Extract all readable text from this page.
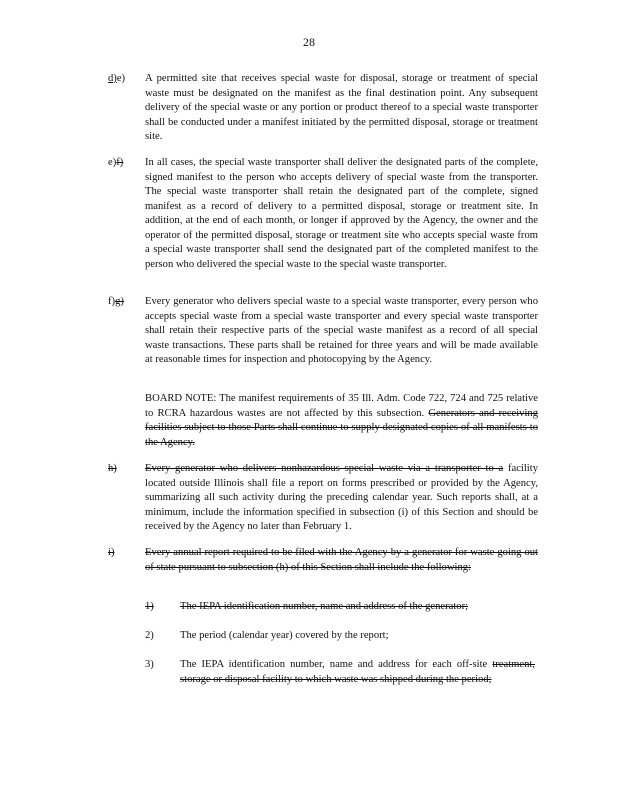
28
d)e) A permitted site that receives special waste for disposal, storage or treatment of special waste must be designated on the manifest as the final destination point. Any subsequent delivery of the special waste or any portion or product thereof to a special waste transporter shall be conducted under a manifest initiated by the permitted disposal, storage or treatment site.
e)f) In all cases, the special waste transporter shall deliver the designated parts of the complete, signed manifest to the person who accepts delivery of special waste from the transporter. The special waste transporter shall retain the designated part of the complete, signed manifest as a record of delivery to a permitted disposal, storage or treatment site. In addition, at the end of each month, or longer if approved by the Agency, the owner and the operator of the permitted disposal, storage or treatment site who accepts special waste from a special waste transporter shall send the designated part of the completed manifest to the person who delivered the special waste to the special waste transporter.
f)g) Every generator who delivers special waste to a special waste transporter, every person who accepts special waste from a special waste transporter and every special waste transporter shall retain their respective parts of the special waste manifest as a record of all special waste transactions. These parts shall be retained for three years and will be made available at reasonable times for inspection and photocopying by the Agency.
BOARD NOTE: The manifest requirements of 35 Ill. Adm. Code 722, 724 and 725 relative to RCRA hazardous wastes are not affected by this subsection. Generators and receiving facilities subject to those Parts shall continue to supply designated copies of all manifests to the Agency.
h)	Every generator who delivers nonhazardous special waste via a transporter to a facility located outside Illinois shall file a report on forms prescribed or provided by the Agency, summarizing all such activity during the preceding calendar year. Such reports shall, at a minimum, include the information specified in subsection (i) of this Section and should be received by the Agency no later than February 1.
i)	Every annual report required to be filed with the Agency by a generator for waste going out of state pursuant to subsection (h) of this Section shall include the following:
1) The IEPA identification number, name and address of the generator;
2) The period (calendar year) covered by the report;
3) The IEPA identification number, name and address for each off-site treatment, storage or disposal facility to which waste was shipped during the period;
